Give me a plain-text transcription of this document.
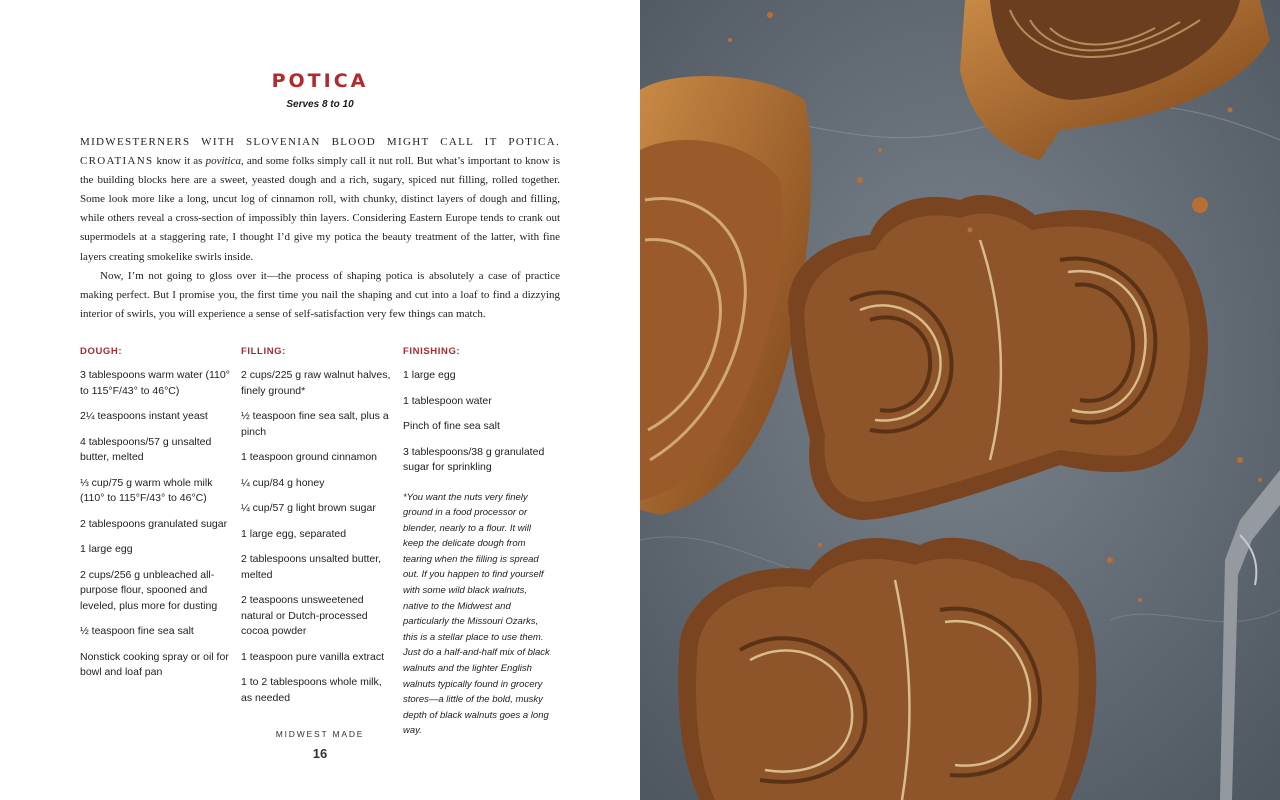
POTICA
Serves 8 to 10

MIDWESTERNERS WITH SLOVENIAN BLOOD MIGHT CALL IT POTICA. CROATIANS know it as povitica, and some folks simply call it nut roll. But what’s important to know is the building blocks here are a sweet, yeasted dough and a rich, sugary, spiced nut filling, rolled together. Some look more like a long, uncut log of cinnamon roll, with chunky, distinct layers of dough and filling, while others reveal a cross-section of impossibly thin layers. Considering Eastern Europe tends to crank out supermodels at a staggering rate, I thought I’d give my potica the beauty treatment of the latter, with fine layers creating smokelike swirls inside.

Now, I’m not going to gloss over it—the process of shaping potica is absolutely a case of practice making perfect. But I promise you, the first time you nail the shaping and cut into a loaf to find a dizzying interior of swirls, you will experience a sense of self-satisfaction very few things can match.

DOUGH:	FILLING:	FINISHING:

3 tablespoons warm water (110° to 115°F/43° to 46°C)

2¼ teaspoons instant yeast

4 tablespoons/57 g unsalted butter, melted

⅓ cup/75 g warm whole milk (110° to 115°F/43° to 46°C)

2 tablespoons granulated sugar

1 large egg

2 cups/256 g unbleached all-purpose flour, spooned and leveled, plus more for dusting

½ teaspoon fine sea salt

Nonstick cooking spray or oil for bowl and loaf pan

2 cups/225 g raw walnut halves, finely ground*

½ teaspoon fine sea salt, plus a pinch

1 teaspoon ground cinnamon

¼ cup/84 g honey

¼ cup/57 g light brown sugar

1 large egg, separated

2 tablespoons unsalted butter, melted

2 teaspoons unsweetened natural or Dutch-processed cocoa powder

1 teaspoon pure vanilla extract

1 to 2 tablespoons whole milk, as needed

1 large egg

1 tablespoon water

Pinch of fine sea salt

3 tablespoons/38 g granulated sugar for sprinkling

*You want the nuts very finely ground in a food processor or blender, nearly to a flour. It will keep the delicate dough from tearing when the filling is spread out. If you happen to find yourself with some wild black walnuts, native to the Midwest and particularly the Missouri Ozarks, this is a stellar place to use them. Just do a half-and-half mix of black walnuts and the lighter English walnuts typically found in grocery stores—a little of the bold, musky depth of black walnuts goes a long way.
MIDWEST MADE
16
